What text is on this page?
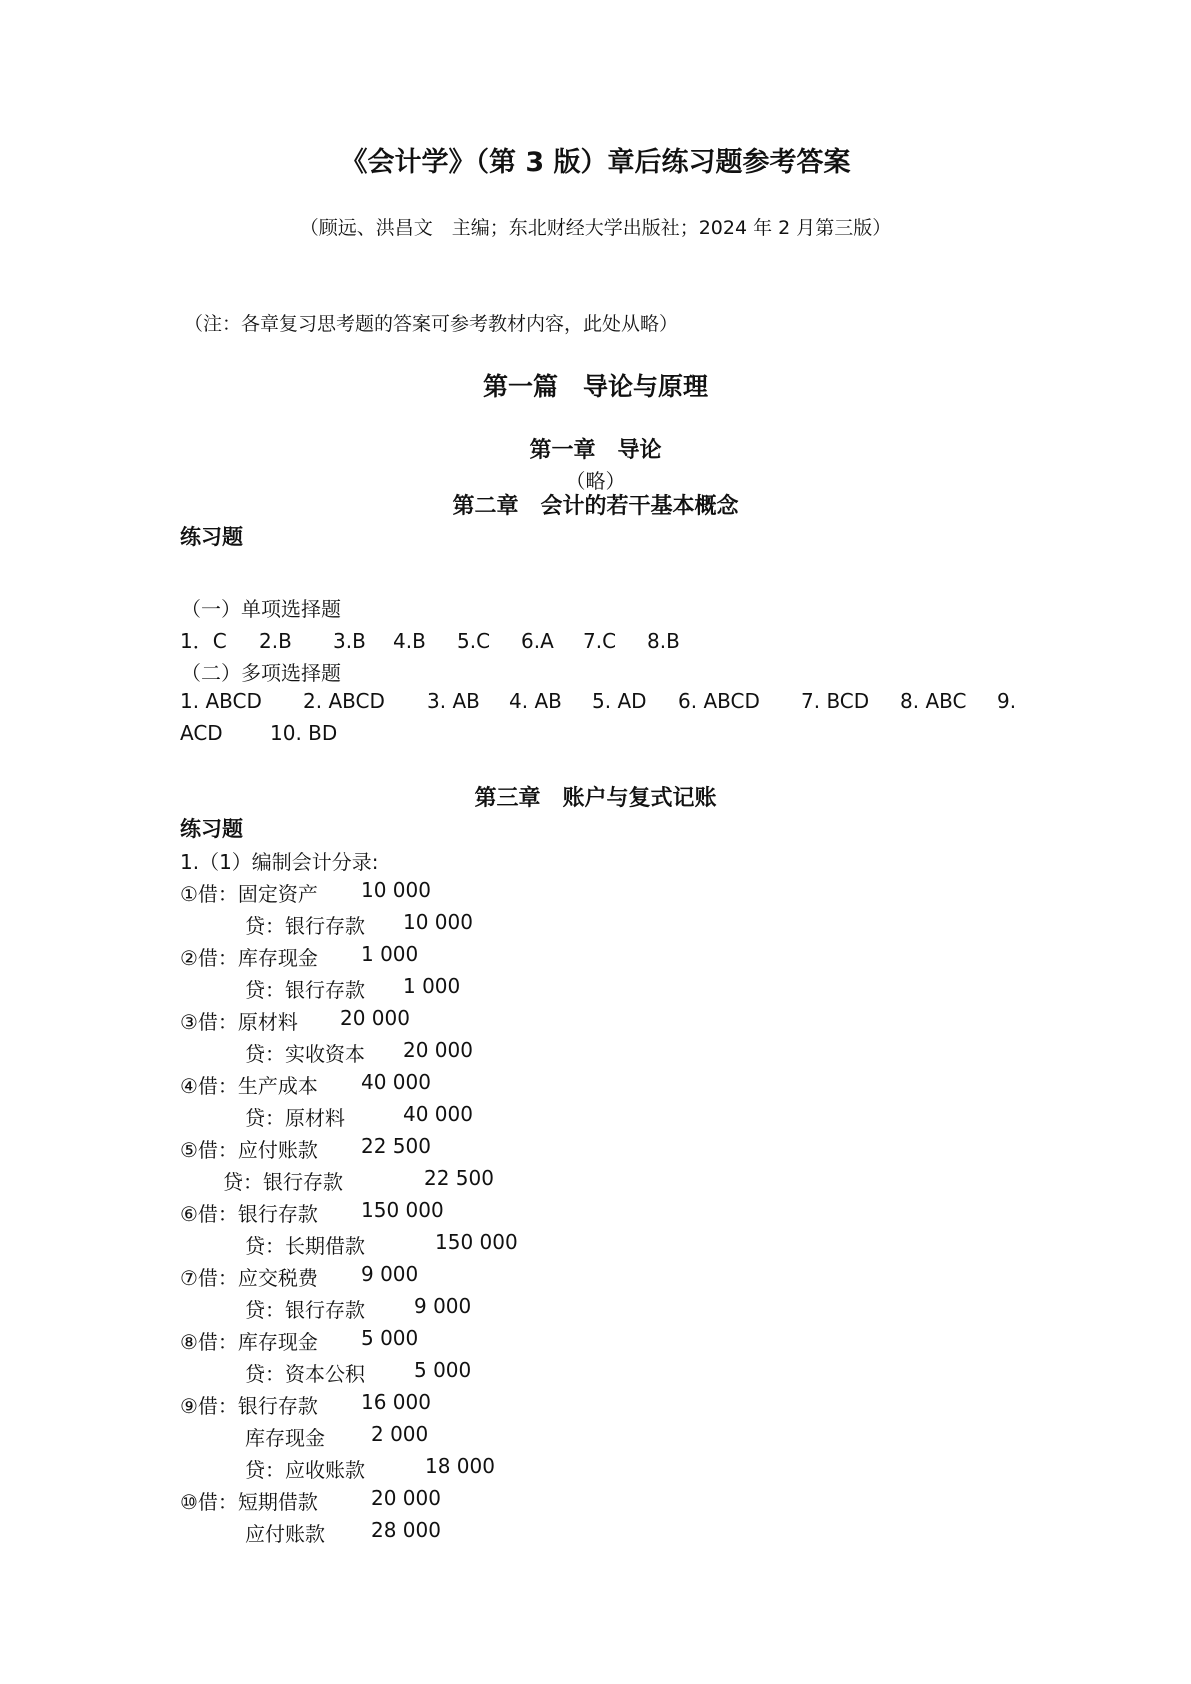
《会计学》（第 3 版）章后练习题参考答案
（顾远、洪昌文　主编；东北财经大学出版社；2024 年 2 月第三版）
（注：各章复习思考题的答案可参考教材内容，此处从略）
第一篇　导论与原理
第一章　导论
（略）
第二章　会计的若干基本概念
练习题
（一）单项选择题
1．C 2.B 3.B 4.B 5.C 6.A 7.C 8.B
（二）多项选择题
1. ABCD 2. ABCD 3. AB 4. AB 5. AD 6. ABCD 7. BCD 8. ABC 9.
ACD 10. BD
第三章　账户与复式记账
练习题
1.（1）编制会计分录:
①借：固定资产 10 000
贷：银行存款 10 000
②借：库存现金 1 000
贷：银行存款 1 000
③借：原材料 20 000
贷：实收资本 20 000
④借：生产成本 40 000
贷：原材料	40 000
⑤借：应付账款 22 500
贷：银行存款	22 500
⑥借：银行存款 150 000
贷：长期借款	150 000
⑦借：应交税费 9 000
贷：银行存款 9 000
⑧借：库存现金 5 000
贷：资本公积 5 000
⑨借：银行存款 16 000
库存现金 2 000
贷：应收账款	18 000
⑩借：短期借款	20 000
应付账款 28 000
